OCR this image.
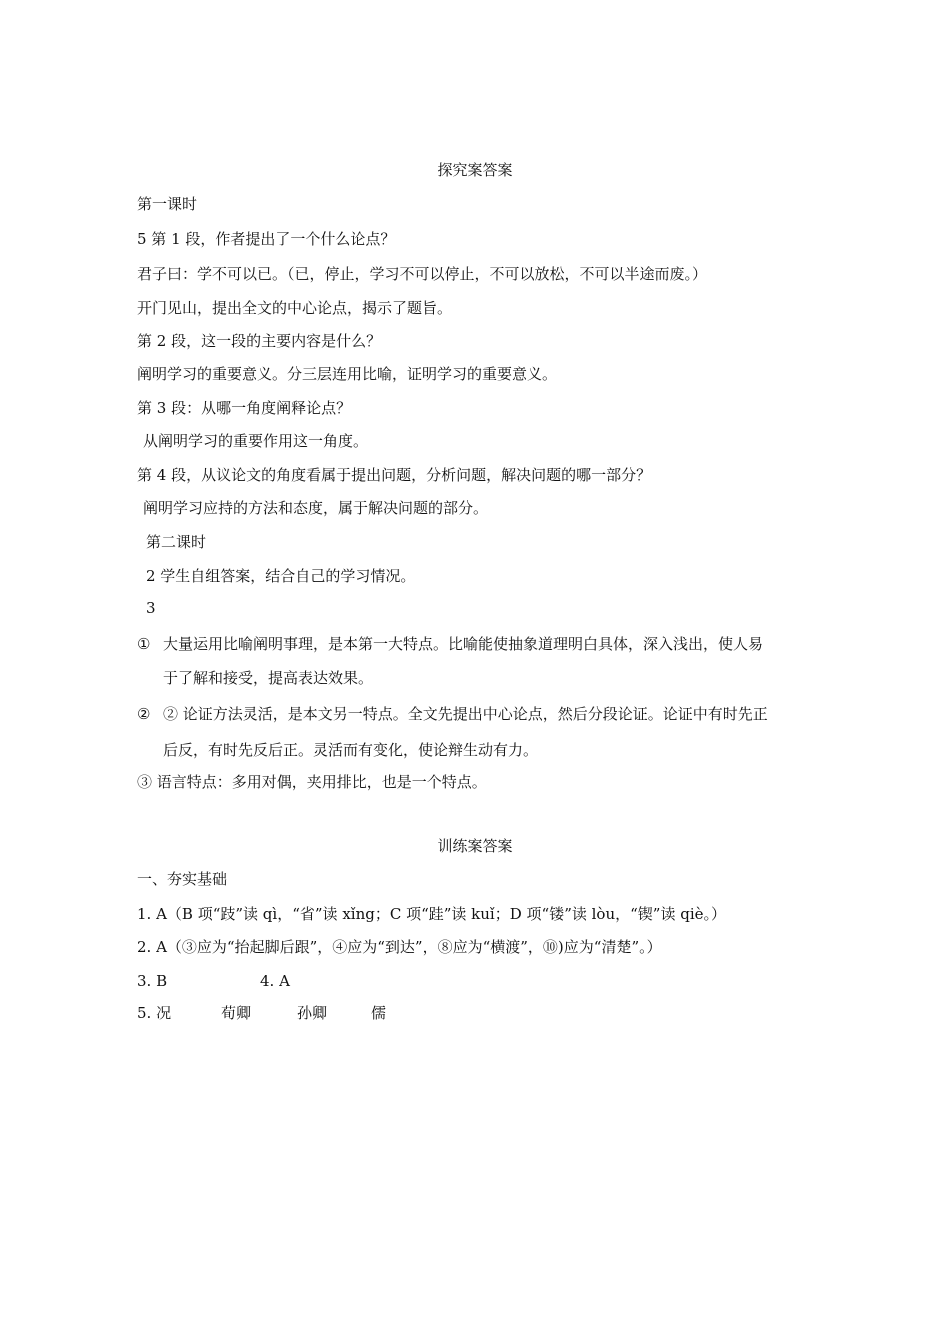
探究案答案
第一课时
5 第 1 段，作者提出了一个什么论点？
君子曰：学不可以已。（已，停止，学习不可以停止，不可以放松，不可以半途而废。）
开门见山，提出全文的中心论点，揭示了题旨。
第 2 段，这一段的主要内容是什么？
阐明学习的重要意义。分三层连用比喻，证明学习的重要意义。
第 3 段：从哪一角度阐释论点？
从阐明学习的重要作用这一角度。
第 4 段，从议论文的角度看属于提出问题，分析问题，解决问题的哪一部分？
阐明学习应持的方法和态度，属于解决问题的部分。
第二课时
2 学生自组答案，结合自己的学习情况。
3
① 大量运用比喻阐明事理，是本第一大特点。比喻能使抽象道理明白具体，深入浅出，使人易
于了解和接受，提高表达效果。
② ② 论证方法灵活，是本文另一特点。全文先提出中心论点，然后分段论证。论证中有时先正
后反，有时先反后正。灵活而有变化，使论辩生动有力。
③ 语言特点：多用对偶，夹用排比，也是一个特点。
训练案答案
一、夯实基础
1. A（B 项“跂”读 qì，“省”读 xǐng；C 项“跬”读 kuǐ；D 项“镂”读 lòu，“锲”读 qiè。）
2. A（③应为“抬起脚后跟”，④应为“到达”，⑧应为“横渡”，⑩)应为“清楚”。）
3. B	4. A
5. 况	荀卿	孙卿	儒
